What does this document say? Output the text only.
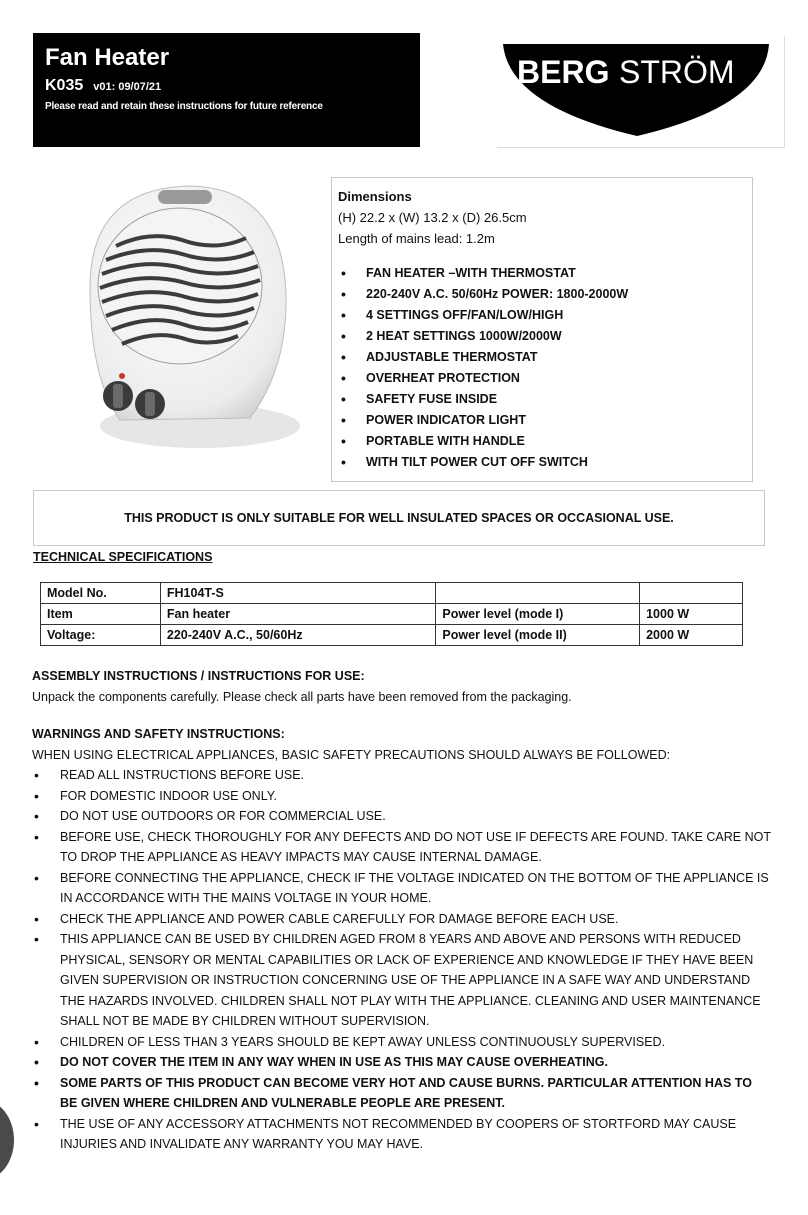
Fan Heater
K035 v01: 09/07/21
Please read and retain these instructions for future reference
BERG STRÖM
Dimensions
(H) 22.2 x (W) 13.2 x (D) 26.5cm
Length of mains lead: 1.2m
• FAN HEATER –WITH THERMOSTAT
• 220-240V A.C. 50/60Hz POWER: 1800-2000W
• 4 SETTINGS OFF/FAN/LOW/HIGH
• 2 HEAT SETTINGS 1000W/2000W
• ADJUSTABLE THERMOSTAT
• OVERHEAT PROTECTION
• SAFETY FUSE INSIDE
• POWER INDICATOR LIGHT
• PORTABLE WITH HANDLE
• WITH TILT POWER CUT OFF SWITCH
THIS PRODUCT IS ONLY SUITABLE FOR WELL INSULATED SPACES OR OCCASIONAL USE.
TECHNICAL SPECIFICATIONS
Model No.	FH104T-S		
Item	Fan heater	Power level (mode I)	1000 W
Voltage:	220-240V A.C., 50/60Hz	Power level (mode II)	2000 W
ASSEMBLY INSTRUCTIONS / INSTRUCTIONS FOR USE:
Unpack the components carefully. Please check all parts have been removed from the packaging.
WARNINGS AND SAFETY INSTRUCTIONS:
WHEN USING ELECTRICAL APPLIANCES, BASIC SAFETY PRECAUTIONS SHOULD ALWAYS BE FOLLOWED:
• READ ALL INSTRUCTIONS BEFORE USE.
• FOR DOMESTIC INDOOR USE ONLY.
• DO NOT USE OUTDOORS OR FOR COMMERCIAL USE.
• BEFORE USE, CHECK THOROUGHLY FOR ANY DEFECTS AND DO NOT USE IF DEFECTS ARE FOUND. TAKE CARE NOT TO DROP THE APPLIANCE AS HEAVY IMPACTS MAY CAUSE INTERNAL DAMAGE.
• BEFORE CONNECTING THE APPLIANCE, CHECK IF THE VOLTAGE INDICATED ON THE BOTTOM OF THE APPLIANCE IS IN ACCORDANCE WITH THE MAINS VOLTAGE IN YOUR HOME.
• CHECK THE APPLIANCE AND POWER CABLE CAREFULLY FOR DAMAGE BEFORE EACH USE.
• THIS APPLIANCE CAN BE USED BY CHILDREN AGED FROM 8 YEARS AND ABOVE AND PERSONS WITH REDUCED PHYSICAL, SENSORY OR MENTAL CAPABILITIES OR LACK OF EXPERIENCE AND KNOWLEDGE IF THEY HAVE BEEN GIVEN SUPERVISION OR INSTRUCTION CONCERNING USE OF THE APPLIANCE IN A SAFE WAY AND UNDERSTAND THE HAZARDS INVOLVED. CHILDREN SHALL NOT PLAY WITH THE APPLIANCE. CLEANING AND USER MAINTENANCE SHALL NOT BE MADE BY CHILDREN WITHOUT SUPERVISION.
• CHILDREN OF LESS THAN 3 YEARS SHOULD BE KEPT AWAY UNLESS CONTINUOUSLY SUPERVISED.
• DO NOT COVER THE ITEM IN ANY WAY WHEN IN USE AS THIS MAY CAUSE OVERHEATING.
• SOME PARTS OF THIS PRODUCT CAN BECOME VERY HOT AND CAUSE BURNS. PARTICULAR ATTENTION HAS TO BE GIVEN WHERE CHILDREN AND VULNERABLE PEOPLE ARE PRESENT.
• THE USE OF ANY ACCESSORY ATTACHMENTS NOT RECOMMENDED BY COOPERS OF STORTFORD MAY CAUSE INJURIES AND INVALIDATE ANY WARRANTY YOU MAY HAVE.
